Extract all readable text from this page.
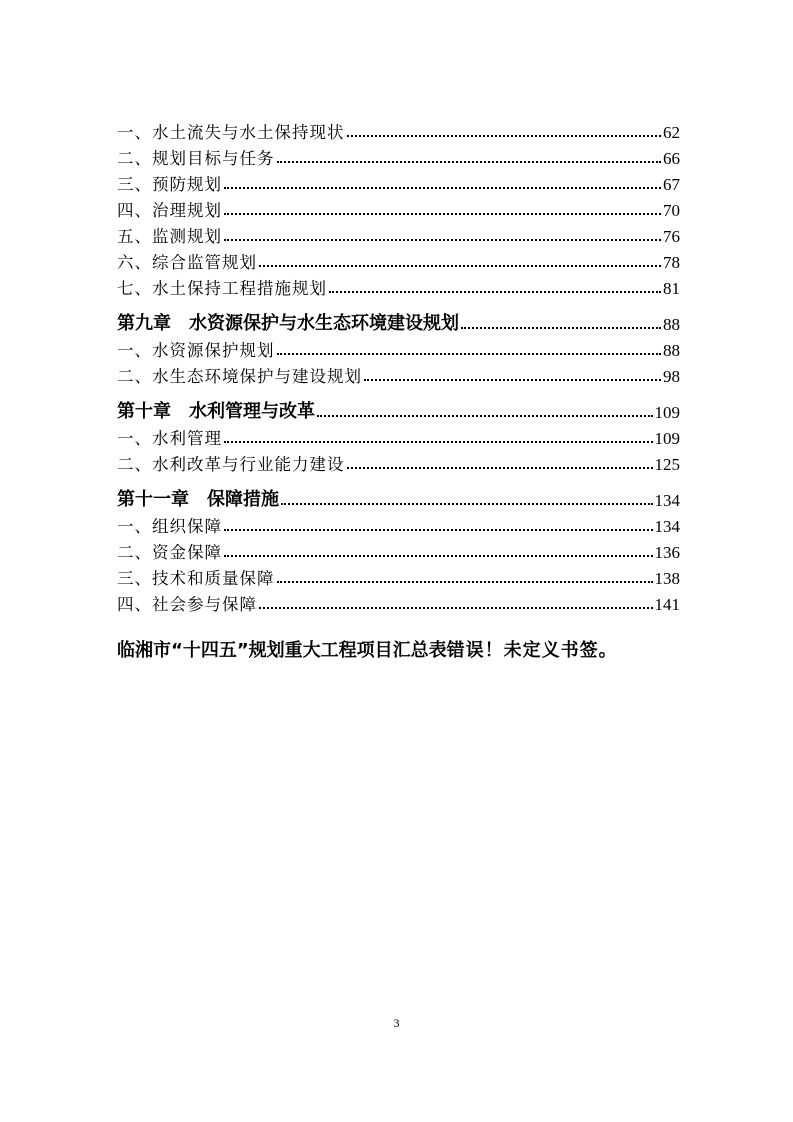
一、水土流失与水土保持现状	62
二、规划目标与任务	66
三、预防规划	67
四、治理规划	70
五、监测规划	76
六、综合监管规划	78
七、水土保持工程措施规划	81
第九章　水资源保护与水生态环境建设规划	88
一、水资源保护规划	88
二、水生态环境保护与建设规划	98
第十章　水利管理与改革	109
一、水利管理	109
二、水利改革与行业能力建设	125
第十一章　保障措施	134
一、组织保障	134
二、资金保障	136
三、技术和质量保障	138
四、社会参与保障	141
临湘市“十四五”规划重大工程项目汇总表错误！未定义书签。
3
